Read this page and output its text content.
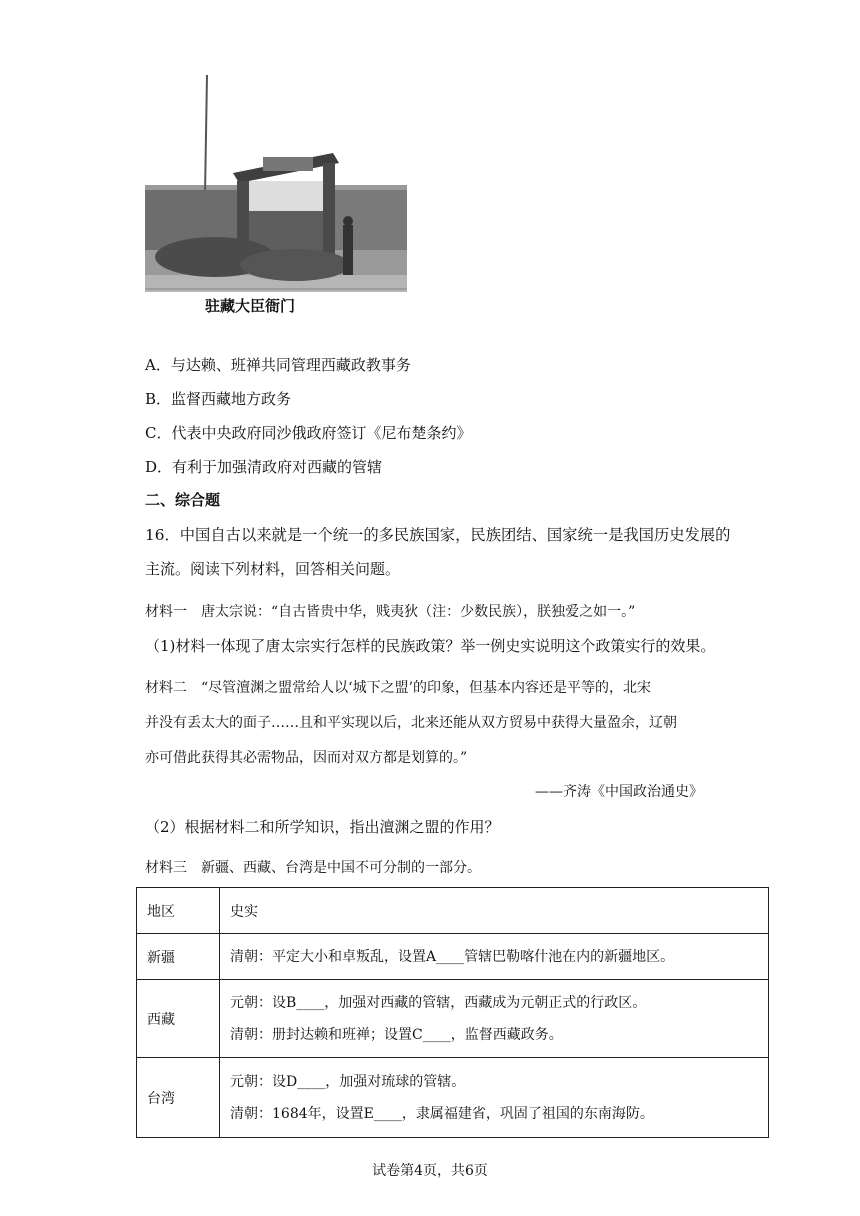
驻藏大臣衙门
A．与达赖、班禅共同管理西藏政教事务
B．监督西藏地方政务
C．代表中央政府同沙俄政府签订《尼布楚条约》
D．有利于加强清政府对西藏的管辖
二、综合题
16．中国自古以来就是一个统一的多民族国家，民族团结、国家统一是我国历史发展的
主流。阅读下列材料，回答相关问题。
材料一　唐太宗说：“自古皆贵中华，贱夷狄（注：少数民族），朕独爱之如一。”
（1)材料一体现了唐太宗实行怎样的民族政策？举一例史实说明这个政策实行的效果。
材料二　“尽管澶渊之盟常给人以‘城下之盟’的印象，但基本内容还是平等的，北宋
并没有丢太大的面子……且和平实现以后，北来还能从双方贸易中获得大量盈余，辽朝
亦可借此获得其必需物品，因而对双方都是划算的。”
——齐涛《中国政治通史》
（2）根据材料二和所学知识，指出澶渊之盟的作用？
材料三　新疆、西藏、台湾是中国不可分制的一部分。
地区	史实
新疆	清朝：平定大小和卓叛乱，设置A____管辖巴勒喀什池在内的新疆地区。

西藏	元朝：设B____，加强对西藏的管辖，西藏成为元朝正式的行政区。
清朝：册封达赖和班禅；设置C____，监督西藏政务。

台湾	元朝：设D____，加强对琉球的管辖。
清朝：1684年，设置E____，隶属福建省，巩固了祖国的东南海防。
试卷第4页，共6页
